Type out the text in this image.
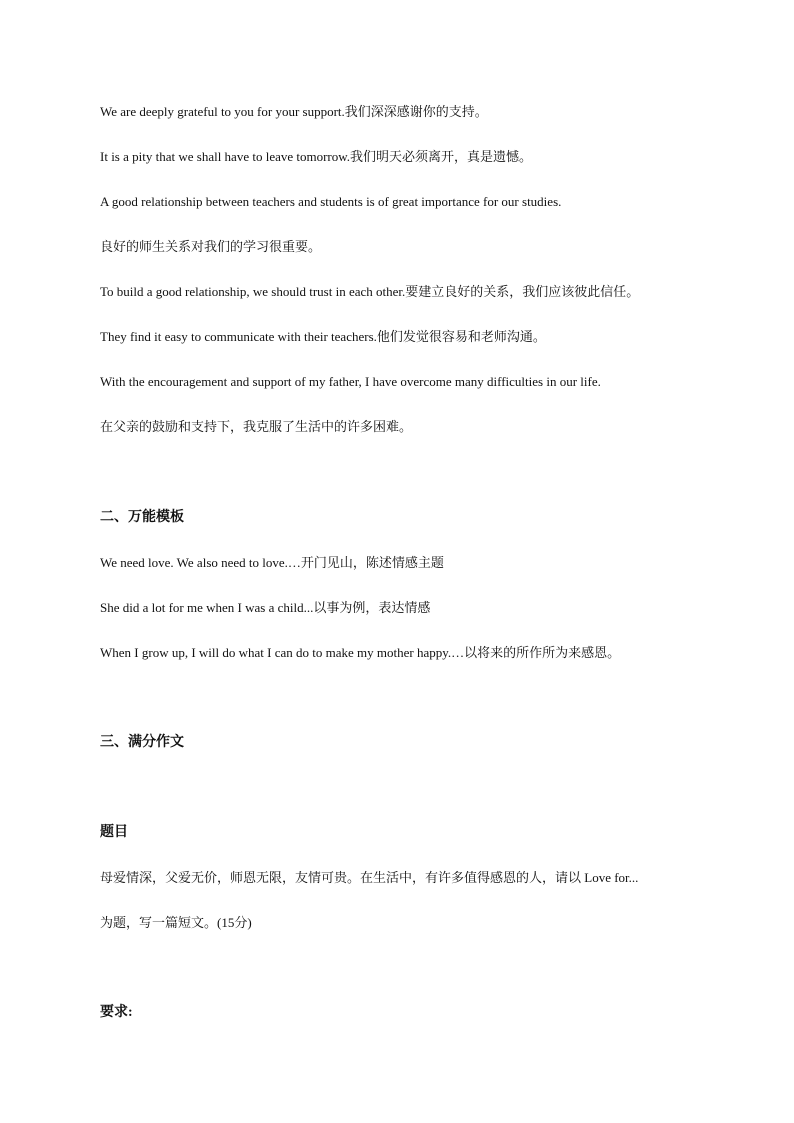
We are deeply grateful to you for your support.我们深深感谢你的支持。
It is a pity that we shall have to leave tomorrow.我们明天必须离开，真是遗憾。
A good relationship between teachers and students is of great importance for our studies.
良好的师生关系对我们的学习很重要。
To build a good relationship, we should trust in each other.要建立良好的关系，我们应该彼此信任。
They find it easy to communicate with their teachers.他们发觉很容易和老师沟通。
With the encouragement and support of my father, I have overcome many difficulties in our life.
在父亲的鼓励和支持下，我克服了生活中的许多困难。
二、万能模板
We need love. We also need to love.…开门见山，陈述情感主题
She did a lot for me when I was a child...以事为例，表达情感
When I grow up, I will do what I can do to make my mother happy.…以将来的所作所为来感恩。
三、满分作文
题目
母爱情深，父爱无价，师恩无限，友情可贵。在生活中，有许多值得感恩的人，请以 Love for...
为题，写一篇短文。(15分)
要求:
